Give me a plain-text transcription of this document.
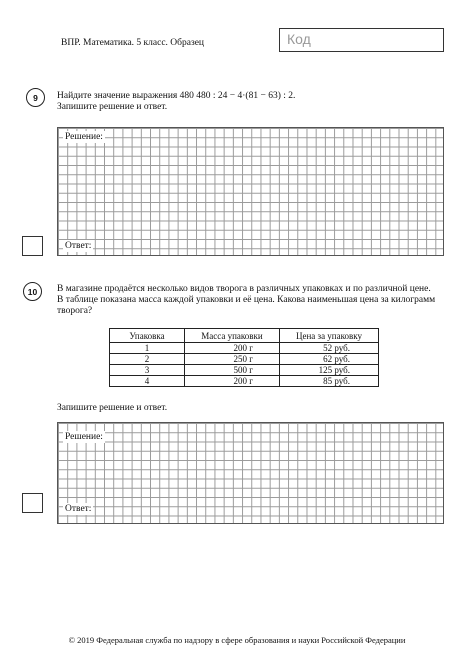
ВПР. Математика. 5 класс. Образец	Код
9	Найдите значение выражения 480 480 : 24 − 4·(81 − 63) : 2.
Запишите решение и ответ.
Решение:
Ответ:
10	В магазине продаётся несколько видов творога в различных упаковках и по различной цене.
В таблице показана масса каждой упаковки и её цена. Какова наименьшая цена за килограмм
творога?
Упаковка	Масса упаковки	Цена за упаковку
1	200 г	52 руб.
2	250 г	62 руб.
3	500 г	125 руб.
4	200 г	85 руб.
Запишите решение и ответ.
Решение:
Ответ:
© 2019 Федеральная служба по надзору в сфере образования и науки Российской Федерации
